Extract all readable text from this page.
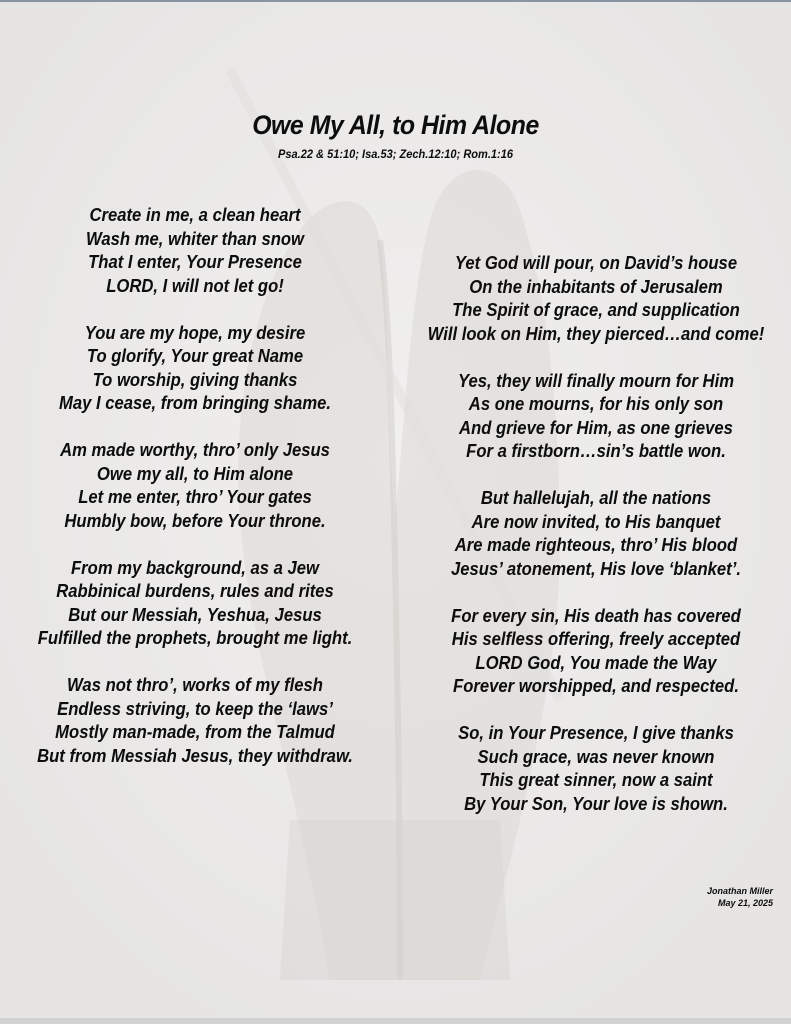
Owe My All, to Him Alone
Psa.22 & 51:10; Isa.53; Zech.12:10; Rom.1:16
Create in me, a clean heart
Wash me, whiter than snow
That I enter, Your Presence
LORD, I will not let go!
You are my hope, my desire
To glorify, Your great Name
To worship, giving thanks
May I cease, from bringing shame.
Am made worthy, thro’ only Jesus
Owe my all, to Him alone
Let me enter, thro’ Your gates
Humbly bow, before Your throne.
From my background, as a Jew
Rabbinical burdens, rules and rites
But our Messiah, Yeshua, Jesus
Fulfilled the prophets, brought me light.
Was not thro’, works of my flesh
Endless striving, to keep the ‘laws’
Mostly man-made, from the Talmud
But from Messiah Jesus, they withdraw.
Yet God will pour, on David’s house
On the inhabitants of Jerusalem
The Spirit of grace, and supplication
Will look on Him, they pierced…and come!
Yes, they will finally mourn for Him
As one mourns, for his only son
And grieve for Him, as one grieves
For a firstborn…sin’s battle won.
But hallelujah, all the nations
Are now invited, to His banquet
Are made righteous, thro’ His blood
Jesus’ atonement, His love ‘blanket’.
For every sin, His death has covered
His selfless offering, freely accepted
LORD God, You made the Way
Forever worshipped, and respected.
So, in Your Presence, I give thanks
Such grace, was never known
This great sinner, now a saint
By Your Son, Your love is shown.
Jonathan Miller
May 21, 2025
